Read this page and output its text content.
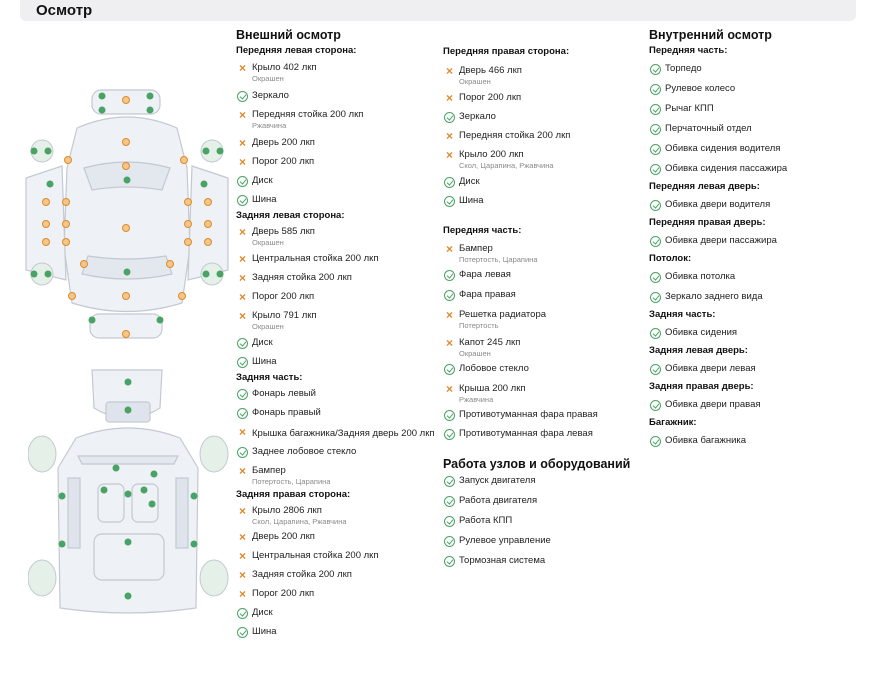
Осмотр
Внешний осмотр
Передняя левая сторона:
× Крыло 402 лкп
Окрашен
Зеркало
× Передняя стойка 200 лкп
Ржавчина
× Дверь 200 лкп
× Порог 200 лкп
Диск
Шина
Задняя левая сторона:
× Дверь 585 лкп
Окрашен
× Центральная стойка 200 лкп
× Задняя стойка 200 лкп
× Порог 200 лкп
× Крыло 791 лкп
Окрашен
Диск
Шина
Задняя часть:
Фонарь левый
Фонарь правый
× Крышка багажника/Задняя дверь 200 лкп
Заднее лобовое стекло
× Бампер
Потертость, Царапина
Задняя правая сторона:
× Крыло 2806 лкп
Скол, Царапина, Ржавчина
× Дверь 200 лкп
× Центральная стойка 200 лкп
× Задняя стойка 200 лкп
× Порог 200 лкп
Диск
Шина
Передняя правая сторона:
× Дверь 466 лкп
Окрашен
× Порог 200 лкп
Зеркало
× Передняя стойка 200 лкп
× Крыло 200 лкп
Скол, Царапина, Ржавчина
Диск
Шина
Передняя часть:
× Бампер
Потертость, Царапина
Фара левая
Фара правая
× Решетка радиатора
Потертость
× Капот 245 лкп
Окрашен
Лобовое стекло
× Крыша 200 лкп
Ржавчина
Противотуманная фара правая
Противотуманная фара левая
Работа узлов и оборудований
Запуск двигателя
Работа двигателя
Работа КПП
Рулевое управление
Тормозная система
Внутренний осмотр
Передняя часть:
Торпедо
Рулевое колесо
Рычаг КПП
Перчаточный отдел
Обивка сидения водителя
Обивка сидения пассажира
Передняя левая дверь:
Обивка двери водителя
Передняя правая дверь:
Обивка двери пассажира
Потолок:
Обивка потолка
Зеркало заднего вида
Задняя часть:
Обивка сидения
Задняя левая дверь:
Обивка двери левая
Задняя правая дверь:
Обивка двери правая
Багажник:
Обивка багажника
